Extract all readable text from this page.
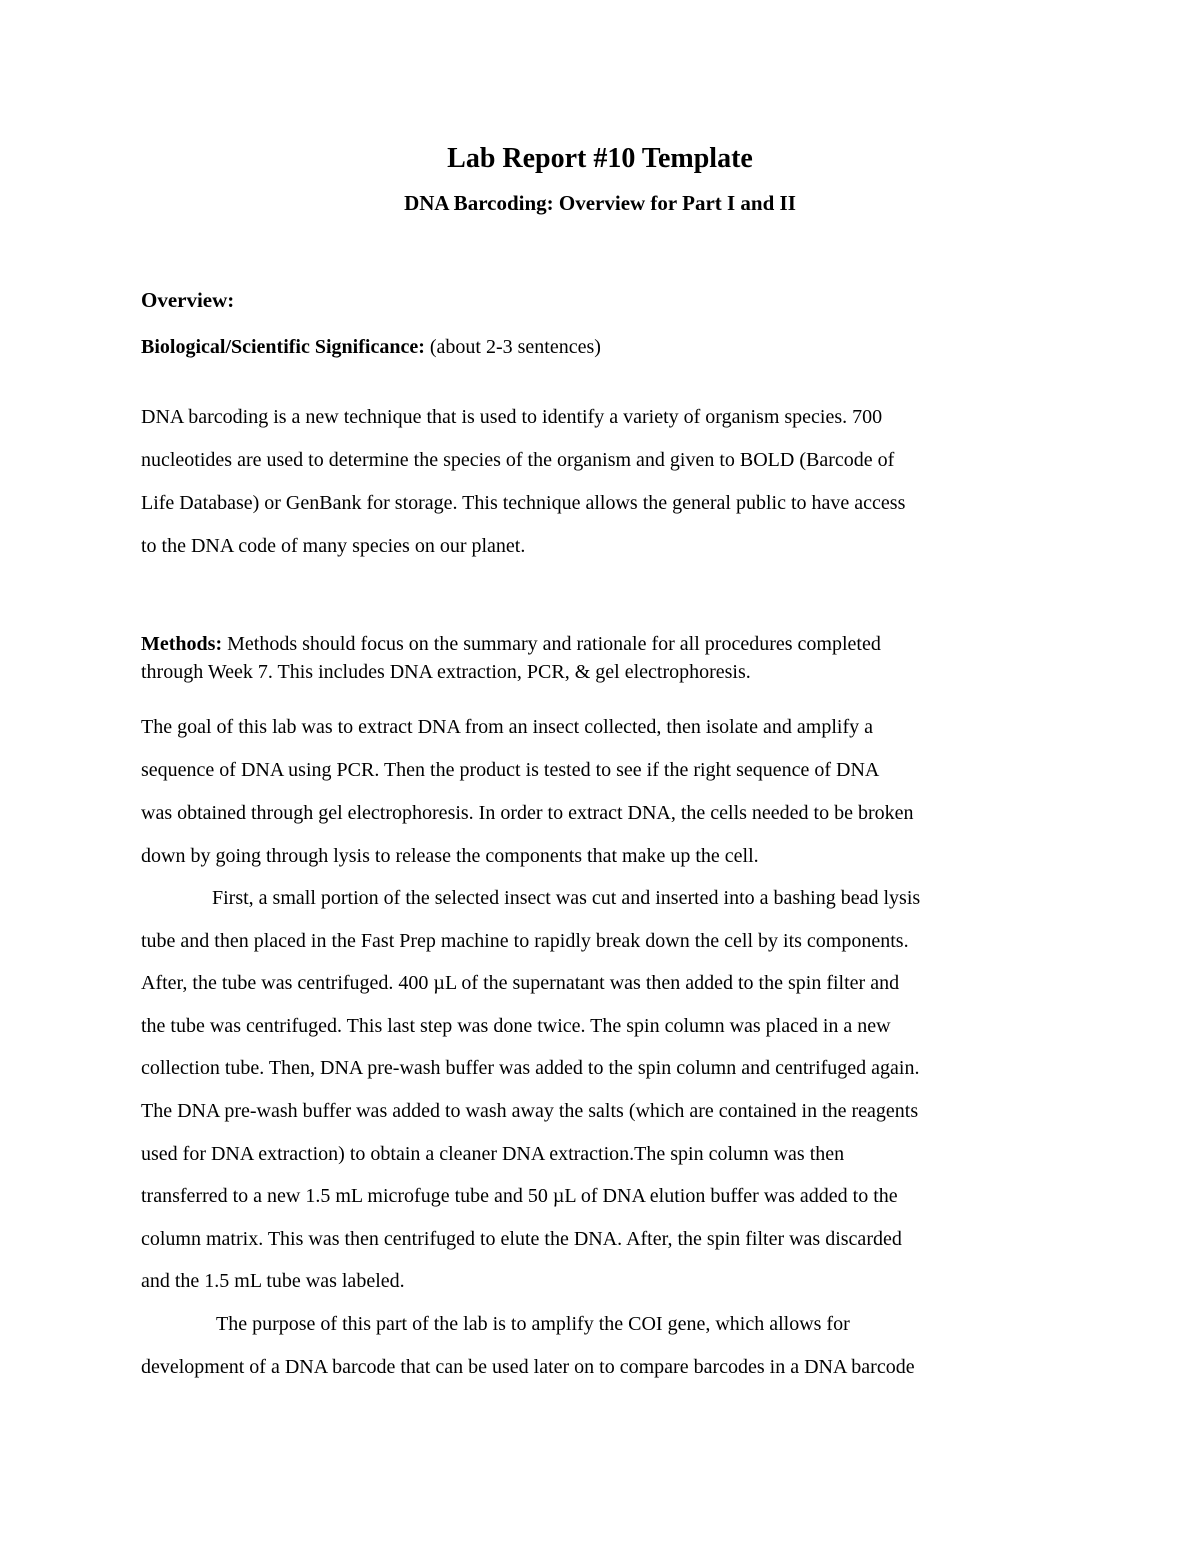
Lab Report #10 Template
DNA Barcoding: Overview for Part I and II
Overview:

Biological/Scientific Significance: (about 2-3 sentences)

DNA barcoding is a new technique that is used to identify a variety of organism species. 700

nucleotides are used to determine the species of the organism and given to BOLD (Barcode of

Life Database) or GenBank for storage. This technique allows the general public to have access

to the DNA code of many species on our planet.

Methods: Methods should focus on the summary and rationale for all procedures completed

through Week 7. This includes DNA extraction, PCR, & gel electrophoresis.

The goal of this lab was to extract DNA from an insect collected, then isolate and amplify a

sequence of DNA using PCR. Then the product is tested to see if the right sequence of DNA

was obtained through gel electrophoresis. In order to extract DNA, the cells needed to be broken

down by going through lysis to release the components that make up the cell.

First, a small portion of the selected insect was cut and inserted into a bashing bead lysis

tube and then placed in the Fast Prep machine to rapidly break down the cell by its components.

After, the tube was centrifuged. 400 µL of the supernatant was then added to the spin filter and

the tube was centrifuged. This last step was done twice. The spin column was placed in a new

collection tube. Then, DNA pre-wash buffer was added to the spin column and centrifuged again.

The DNA pre-wash buffer was added to wash away the salts (which are contained in the reagents

used for DNA extraction) to obtain a cleaner DNA extraction.The spin column was then

transferred to a new 1.5 mL microfuge tube and 50 µL of DNA elution buffer was added to the

column matrix. This was then centrifuged to elute the DNA. After, the spin filter was discarded

and the 1.5 mL tube was labeled.

The purpose of this part of the lab is to amplify the COI gene, which allows for

development of a DNA barcode that can be used later on to compare barcodes in a DNA barcode
